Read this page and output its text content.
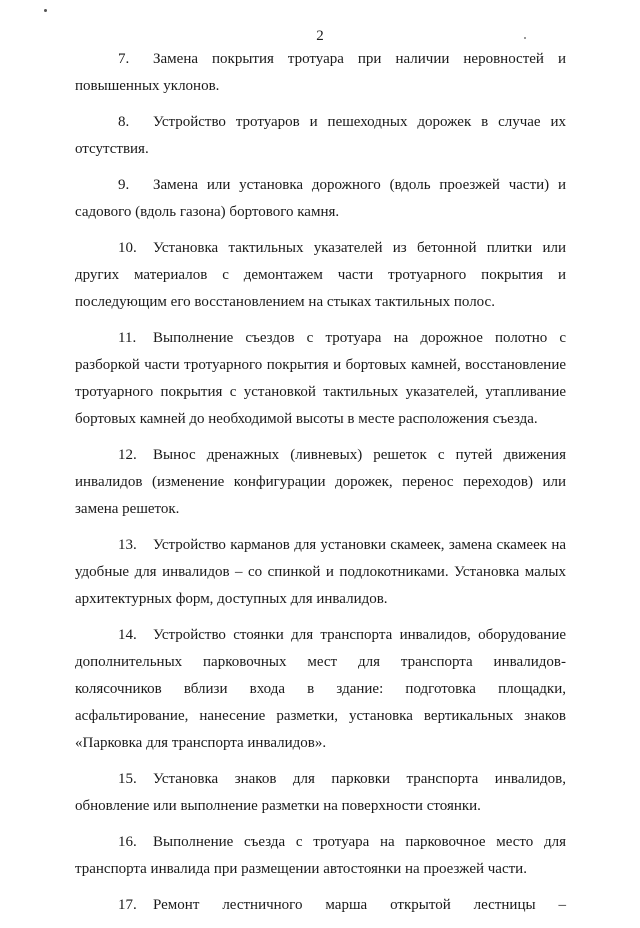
2

7. Замена покрытия тротуара при наличии неровностей и повышенных уклонов.

8. Устройство тротуаров и пешеходных дорожек в случае их отсутствия.

9. Замена или установка дорожного (вдоль проезжей части) и садового (вдоль газона) бортового камня.

10. Установка тактильных указателей из бетонной плитки или других материалов с демонтажем части тротуарного покрытия и последующим его восстановлением на стыках тактильных полос.

11. Выполнение съездов с тротуара на дорожное полотно с разборкой части тротуарного покрытия и бортовых камней, восстановление тротуарного покрытия с установкой тактильных указателей, утапливание бортовых камней до необходимой высоты в месте расположения съезда.

12. Вынос дренажных (ливневых) решеток с путей движения инвалидов (изменение конфигурации дорожек, перенос переходов) или замена решеток.

13. Устройство карманов для установки скамеек, замена скамеек на удобные для инвалидов – со спинкой и подлокотниками. Установка малых архитектурных форм, доступных для инвалидов.

14. Устройство стоянки для транспорта инвалидов, оборудование дополнительных парковочных мест для транспорта инвалидов-колясочников вблизи входа в здание: подготовка площадки, асфальтирование, нанесение разметки, установка вертикальных знаков «Парковка для транспорта инвалидов».

15. Установка знаков для парковки транспорта инвалидов, обновление или выполнение разметки на поверхности стоянки.

16. Выполнение съезда с тротуара на парковочное место для транспорта инвалида при размещении автостоянки на проезжей части.

17. Ремонт лестничного марша открытой лестницы –
